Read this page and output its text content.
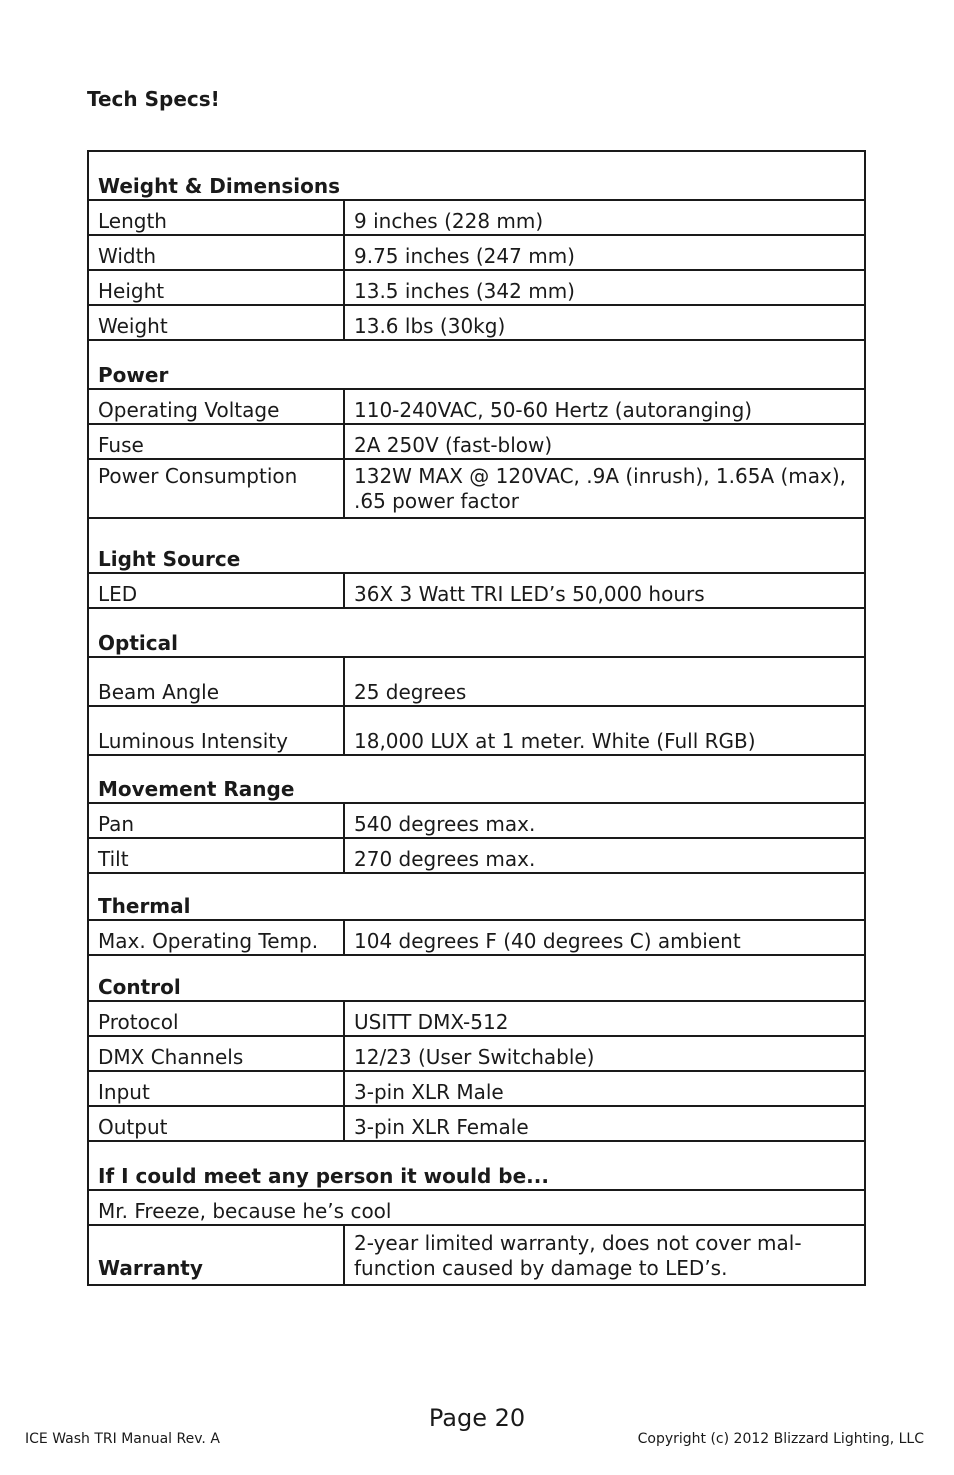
Tech Specs!
Weight & Dimensions	
Length	9 inches (228 mm)
Width	9.75 inches (247 mm)
Height	13.5 inches (342 mm)
Weight	13.6 lbs (30kg)
Power	
Operating Voltage	110-240VAC, 50-60 Hertz (autoranging)
Fuse	2A 250V (fast-blow)
Power Consumption	132W MAX @ 120VAC, .9A (inrush), 1.65A (max), .65 power factor
Light Source	
LED	36X 3 Watt TRI LED’s 50,000 hours
Optical	
Beam Angle	25 degrees
Luminous Intensity	18,000 LUX at 1 meter. White (Full RGB)
Movement Range	
Pan	540 degrees max.
Tilt	270 degrees max.
Thermal	
Max. Operating Temp.	104 degrees F (40 degrees C) ambient
Control	
Protocol	USITT DMX-512
DMX Channels	12/23 (User Switchable)
Input	3-pin XLR Male
Output	3-pin XLR Female
If I could meet any person it would be...	
Mr. Freeze, because he’s cool	
Warranty	2-year limited warranty, does not cover mal-
function caused by damage to LED’s.
Page 20
ICE Wash TRI Manual Rev. A	Copyright (c) 2012 Blizzard Lighting, LLC
